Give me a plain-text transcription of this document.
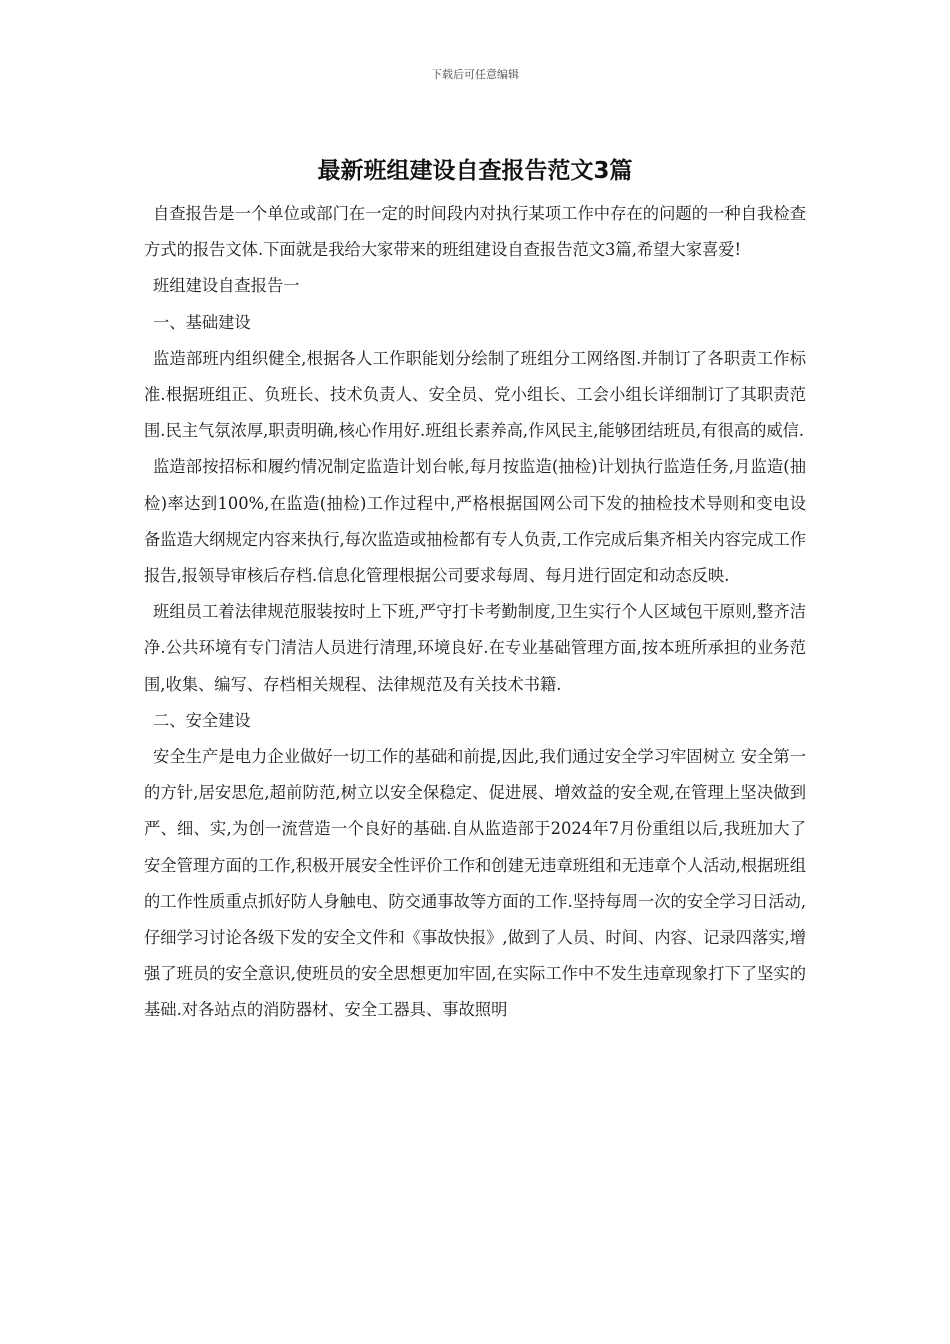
下载后可任意编辑
最新班组建设自查报告范文3篇

自查报告是一个单位或部门在一定的时间段内对执行某项工作中存在的问题的一种自我检查方式的报告文体.下面就是我给大家带来的班组建设自查报告范文3篇,希望大家喜爱!

班组建设自查报告一

一、基础建设

监造部班内组织健全,根据各人工作职能划分绘制了班组分工网络图.并制订了各职责工作标准.根据班组正、负班长、技术负责人、安全员、党小组长、工会小组长详细制订了其职责范围.民主气氛浓厚,职责明确,核心作用好.班组长素养高,作风民主,能够团结班员,有很高的威信.

监造部按招标和履约情况制定监造计划台帐,每月按监造(抽检)计划执行监造任务,月监造(抽检)率达到100%,在监造(抽检)工作过程中,严格根据国网公司下发的抽检技术导则和变电设备监造大纲规定内容来执行,每次监造或抽检都有专人负责,工作完成后集齐相关内容完成工作报告,报领导审核后存档.信息化管理根据公司要求每周、每月进行固定和动态反映.

班组员工着法律规范服装按时上下班,严守打卡考勤制度,卫生实行个人区域包干原则,整齐洁净.公共环境有专门清洁人员进行清理,环境良好.在专业基础管理方面,按本班所承担的业务范围,收集、编写、存档相关规程、法律规范及有关技术书籍.

二、安全建设

安全生产是电力企业做好一切工作的基础和前提,因此,我们通过安全学习牢固树立 安全第一 的方针,居安思危,超前防范,树立以安全保稳定、促进展、增效益的安全观,在管理上坚决做到严、细、实,为创一流营造一个良好的基础.自从监造部于2024年7月份重组以后,我班加大了安全管理方面的工作,积极开展安全性评价工作和创建无违章班组和无违章个人活动,根据班组的工作性质重点抓好防人身触电、防交通事故等方面的工作.坚持每周一次的安全学习日活动,仔细学习讨论各级下发的安全文件和《事故快报》,做到了人员、时间、内容、记录四落实,增强了班员的安全意识,使班员的安全思想更加牢固,在实际工作中不发生违章现象打下了坚实的基础.对各站点的消防器材、安全工器具、事故照明
